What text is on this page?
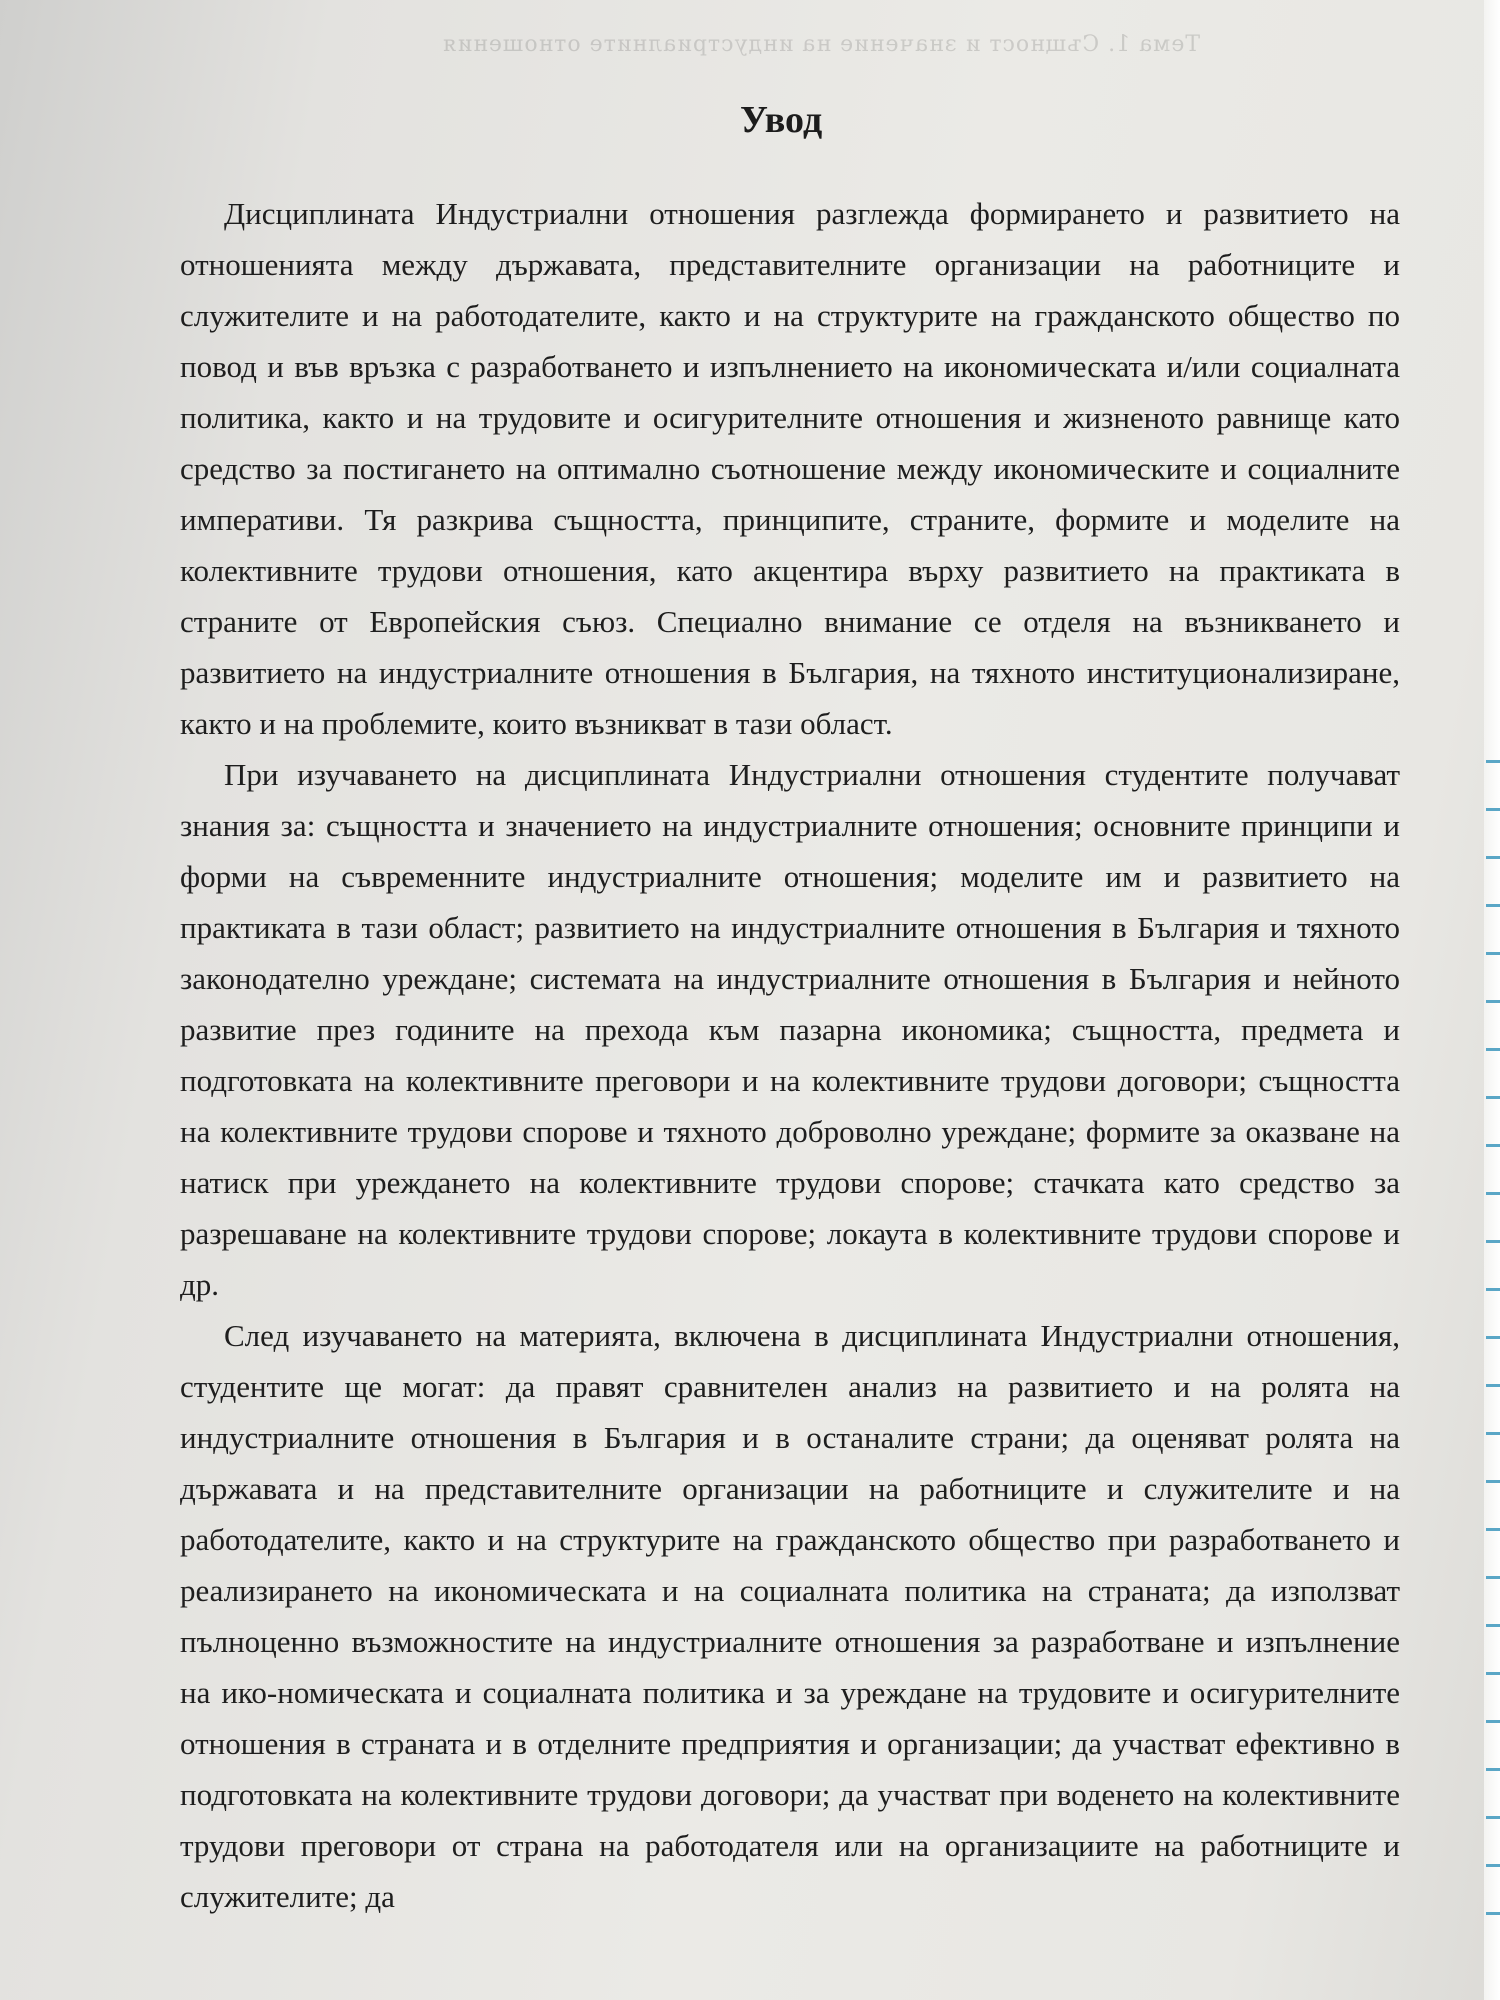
Тема 1. Същност и значение на индустриалните отношения

Увод

Дисциплината Индустриални отношения разглежда формирането и развитието на отношенията между държавата, представителните организации на работниците и служителите и на работодателите, както и на структурите на гражданското общество по повод и във връзка с разработването и изпълнението на икономическата и/или социалната политика, както и на трудовите и осигурителните отношения и жизненото равнище като средство за постигането на оптимално съотношение между икономическите и социалните императиви. Тя разкрива същността, принципите, страните, формите и моделите на колективните трудови отношения, като акцентира върху развитието на практиката в страните от Европейския съюз. Специално внимание се отделя на възникването и развитието на индустриалните отношения в България, на тяхното институционализиране, както и на проблемите, които възникват в тази област.

При изучаването на дисциплината Индустриални отношения студентите получават знания за: същността и значението на индустриалните отношения; основните принципи и форми на съвременните индустриалните отношения; моделите им и развитието на практиката в тази област; развитието на индустриалните отношения в България и тяхното законодателно уреждане; системата на индустриалните отношения в България и нейното развитие през годините на прехода към пазарна икономика; същността, предмета и подготовката на колективните преговори и на колективните трудови договори; същността на колективните трудови спорове и тяхното доброволно уреждане; формите за оказване на натиск при уреждането на колективните трудови спорове; стачката като средство за разрешаване на колективните трудови спорове; локаута в колективните трудови спорове и др.

След изучаването на материята, включена в дисциплината Индустриални отношения, студентите ще могат: да правят сравнителен анализ на развитието и на ролята на индустриалните отношения в България и в останалите страни; да оценяват ролята на държавата и на представителните организации на работниците и служителите и на работодателите, както и на структурите на гражданското общество при разработването и реализирането на икономическата и на социалната политика на страната; да използват пълноценно възможностите на индустриалните отношения за разработване и изпълнение на ико-номическата и социалната политика и за уреждане на трудовите и осигурителните отношения в страната и в отделните предприятия и организации; да участват ефективно в подготовката на колективните трудови договори; да участват при воденето на колективните трудови преговори от страна на работодателя или на организациите на работниците и служителите; да
